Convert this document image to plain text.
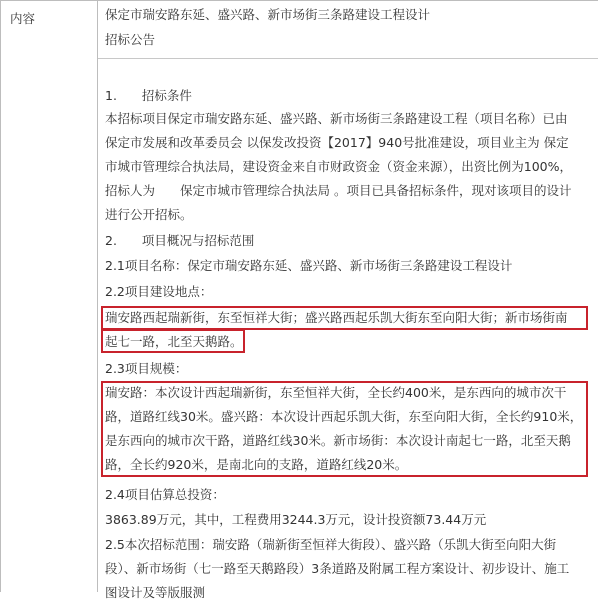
内容	保定市瑞安路东延、盛兴路、新市场街三条路建设工程设计
招标公告
1.　　招标条件
本招标项目保定市瑞安路东延、盛兴路、新市场街三条路建设工程（项目名称）已由
保定市发展和改革委员会 以保发改投资【2017】940号批准建设，项目业主为 保定
市城市管理综合执法局，建设资金来自市财政资金（资金来源），出资比例为100%，
招标人为　　保定市城市管理综合执法局 。项目已具备招标条件，现对该项目的设计
进行公开招标。
2.　　项目概况与招标范围
2.1项目名称：保定市瑞安路东延、盛兴路、新市场街三条路建设工程设计
2.2项目建设地点：
瑞安路西起瑞新街，东至恒祥大街；盛兴路西起乐凯大街东至向阳大街；新市场街南
起七一路，北至天鹅路。
2.3项目规模：
瑞安路：本次设计西起瑞新街，东至恒祥大街，全长约400米，是东西向的城市次干
路，道路红线30米。盛兴路：本次设计西起乐凯大街，东至向阳大街，全长约910米，
是东西向的城市次干路，道路红线30米。新市场街：本次设计南起七一路，北至天鹅
路，全长约920米，是南北向的支路，道路红线20米。
2.4项目估算总投资：
3863.89万元，其中，工程费用3244.3万元，设计投资额73.44万元
2.5本次招标范围：瑞安路（瑞新街至恒祥大街段）、盛兴路（乐凯大街至向阳大街
段）、新市场街（七一路至天鹅路段）3条道路及附属工程方案设计、初步设计、施工
图设计及等版服测
